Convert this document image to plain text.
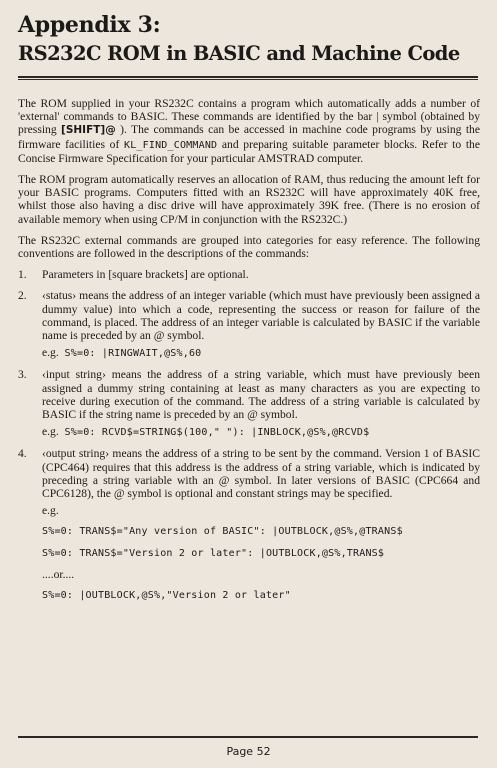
Appendix 3:
RS232C ROM in BASIC and Machine Code

The ROM supplied in your RS232C contains a program which automatically adds a number of 'external' commands to BASIC. These commands are identified by the bar | symbol (obtained by pressing [SHIFT]@ ). The commands can be accessed in machine code programs by using the firmware facilities of KL_FIND_COMMAND and preparing suitable parameter blocks. Refer to the Concise Firmware Specification for your particular AMSTRAD computer.

The ROM program automatically reserves an allocation of RAM, thus reducing the amount left for your BASIC programs. Computers fitted with an RS232C will have approximately 40K free, whilst those also having a disc drive will have approximately 39K free. (There is no erosion of available memory when using CP/M in conjunction with the RS232C.)

The RS232C external commands are grouped into categories for easy reference. The following conventions are followed in the descriptions of the commands:

1. Parameters in [square brackets] are optional.
2. ‹status› means the address of an integer variable (which must have previously been assigned a dummy value) into which a code, representing the success or reason for failure of the command, is placed. The address of an integer variable is calculated by BASIC if the variable name is preceded by an @ symbol.
e.g. S%=0: |RINGWAIT,@S%,60
3. ‹input string› means the address of a string variable, which must have previously been assigned a dummy string containing at least as many characters as you are expecting to receive during execution of the command. The address of a string variable is calculated by BASIC if the string name is preceded by an @ symbol.
e.g. S%=0: RCVD$=STRING$(100," "): |INBLOCK,@S%,@RCVD$
4. ‹output string› means the address of a string to be sent by the command. Version 1 of BASIC (CPC464) requires that this address is the address of a string variable, which is indicated by preceding a string variable with an @ symbol. In later versions of BASIC (CPC664 and CPC6128), the @ symbol is optional and constant strings may be specified.
e.g.
S%=0: TRANS$="Any version of BASIC": |OUTBLOCK,@S%,@TRANS$
S%=0: TRANS$="Version 2 or later": |OUTBLOCK,@S%,TRANS$
....or....
S%=0: |OUTBLOCK,@S%,"Version 2 or later"
Page 52
